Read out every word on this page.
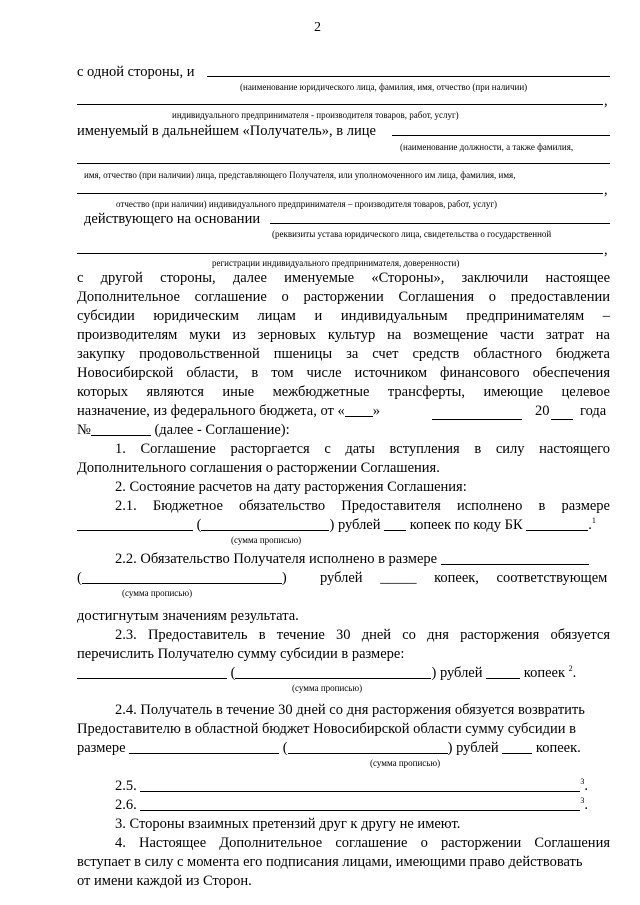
2
с одной стороны, и
(наименование юридического лица, фамилия, имя, отчество (при наличии)
,
индивидуального предпринимателя - производителя товаров, работ, услуг)
именуемый в дальнейшем «Получатель», в лице
(наименование должности, а также фамилия,
имя, отчество (при наличии) лица, представляющего Получателя, или уполномоченного им лица, фамилия, имя,
,
отчество (при наличии) индивидуального предпринимателя – производителя товаров, работ, услуг)
действующего на основании
(реквизиты устава юридического лица, свидетельства о государственной
,
регистрации индивидуального предпринимателя, доверенности)
с другой стороны, далее именуемые «Стороны», заключили настоящее
Дополнительное соглашение о расторжении Соглашения о предоставлении
субсидии юридическим лицам и индивидуальным предпринимателям –
производителям муки из зерновых культур на возмещение части затрат на
закупку продовольственной пшеницы за счет средств областного бюджета
Новосибирской области, в том числе источником финансового обеспечения
которых являются иные межбюджетные трансферты, имеющие целевое
назначение, из федерального бюджета, от « »	20 года
№	(далее - Соглашение):
1. Соглашение расторгается с даты вступления в силу настоящего
Дополнительного соглашения о расторжении Соглашения.
2. Состояние расчетов на дату расторжения Соглашения:
2.1. Бюджетное обязательство Предоставителя исполнено в размере
(	) рублей копеек по коду БК	.$^1$
(сумма прописью)
2.2. Обязательство Получателя исполнено в размере
(	) рублей _____ копеек, соответствующем
(сумма прописью)
достигнутым значениям результата.
2.3. Предоставитель в течение 30 дней со дня расторжения обязуется
перечислить Получателю сумму субсидии в размере:
(	) рублей	копеек $^2$.
(сумма прописью)
2.4. Получатель в течение 30 дней со дня расторжения обязуется возвратить
Предоставителю в областной бюджет Новосибирской области сумму субсидии в
размере	(	) рублей	копеек.
(сумма прописью)
2.5.	$^3$.
2.6.	$^3$.
3. Стороны взаимных претензий друг к другу не имеют.
4. Настоящее Дополнительное соглашение о расторжении Соглашения
вступает в силу с момента его подписания лицами, имеющими право действовать
от имени каждой из Сторон.
